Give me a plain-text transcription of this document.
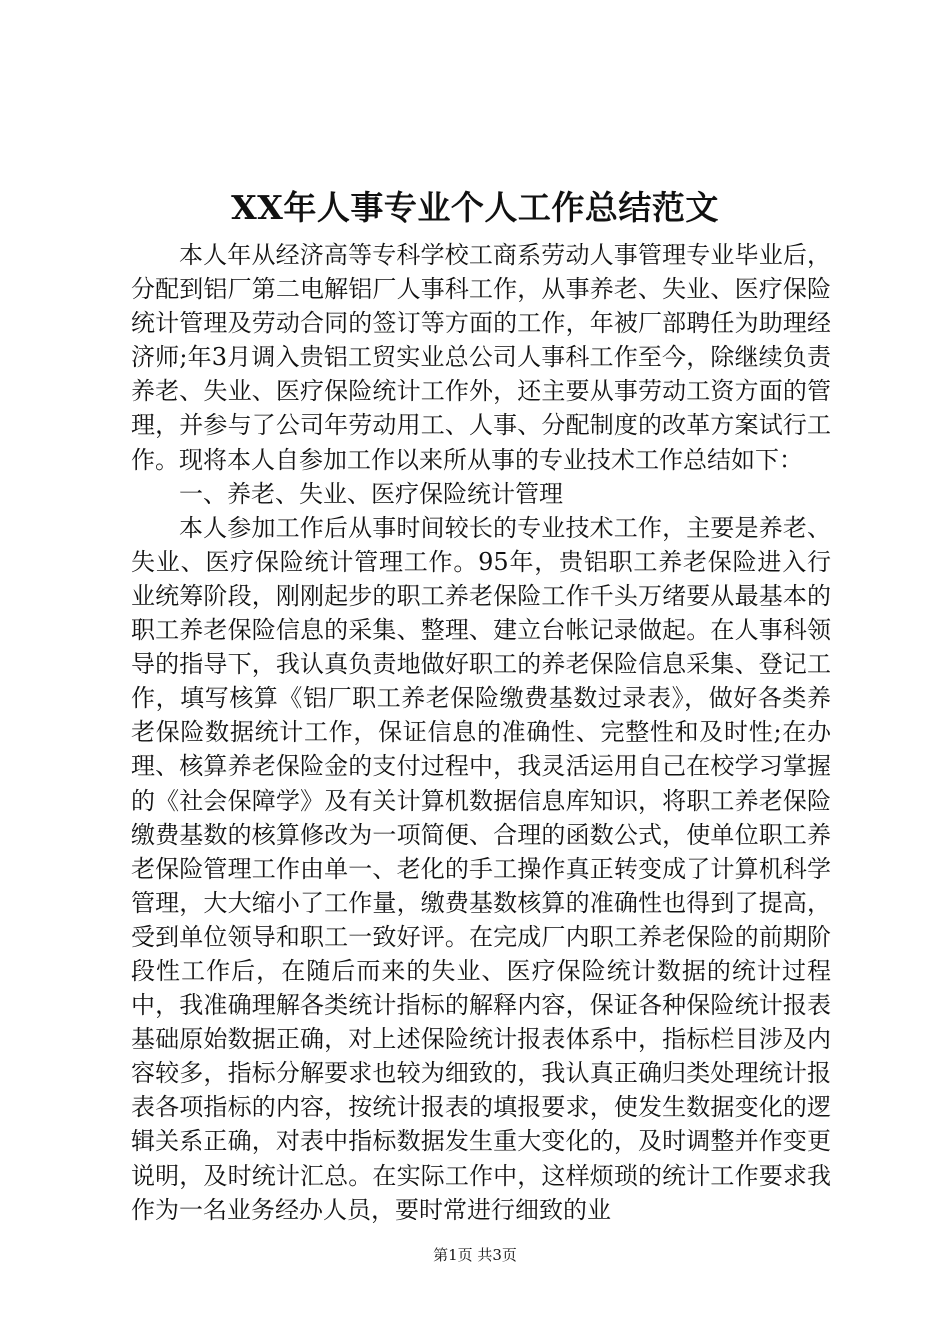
XX年人事专业个人工作总结范文

本人年从经济高等专科学校工商系劳动人事管理专业毕业后，分配到铝厂第二电解铝厂人事科工作，从事养老、失业、医疗保险统计管理及劳动合同的签订等方面的工作，年被厂部聘任为助理经济师;年3月调入贵铝工贸实业总公司人事科工作至今，除继续负责养老、失业、医疗保险统计工作外，还主要从事劳动工资方面的管理，并参与了公司年劳动用工、人事、分配制度的改革方案试行工作。现将本人自参加工作以来所从事的专业技术工作总结如下：

一、养老、失业、医疗保险统计管理

本人参加工作后从事时间较长的专业技术工作，主要是养老、失业、医疗保险统计管理工作。95年，贵铝职工养老保险进入行业统筹阶段，刚刚起步的职工养老保险工作千头万绪要从最基本的职工养老保险信息的采集、整理、建立台帐记录做起。在人事科领导的指导下，我认真负责地做好职工的养老保险信息采集、登记工作，填写核算《铝厂职工养老保险缴费基数过录表》，做好各类养老保险数据统计工作，保证信息的准确性、完整性和及时性;在办理、核算养老保险金的支付过程中，我灵活运用自己在校学习掌握的《社会保障学》及有关计算机数据信息库知识，将职工养老保险缴费基数的核算修改为一项简便、合理的函数公式，使单位职工养老保险管理工作由单一、老化的手工操作真正转变成了计算机科学管理，大大缩小了工作量，缴费基数核算的准确性也得到了提高，受到单位领导和职工一致好评。在完成厂内职工养老保险的前期阶段性工作后，在随后而来的失业、医疗保险统计数据的统计过程中，我准确理解各类统计指标的解释内容，保证各种保险统计报表基础原始数据正确，对上述保险统计报表体系中，指标栏目涉及内容较多，指标分解要求也较为细致的，我认真正确归类处理统计报表各项指标的内容，按统计报表的填报要求，使发生数据变化的逻辑关系正确，对表中指标数据发生重大变化的，及时调整并作变更说明，及时统计汇总。在实际工作中，这样烦琐的统计工作要求我作为一名业务经办人员，要时常进行细致的业

第1页 共3页
